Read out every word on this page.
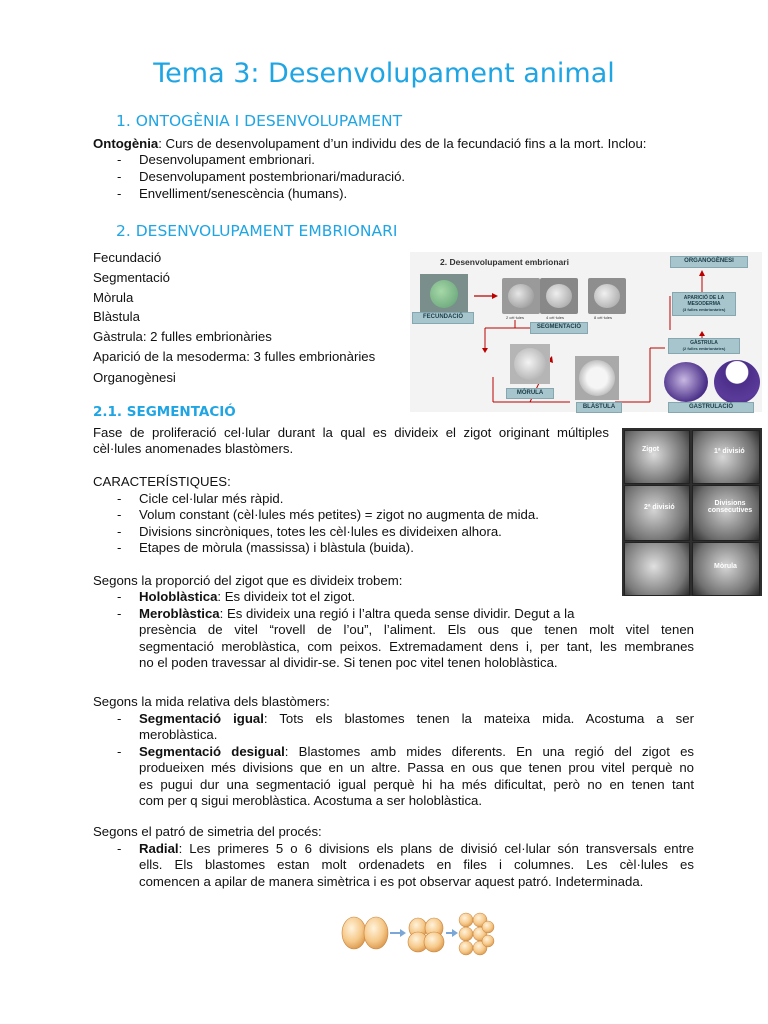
Tema 3: Desenvolupament animal
1. ONTOGÈNIA I DESENVOLUPAMENT
Ontogènia: Curs de desenvolupament d’un individu des de la fecundació fins a la mort. Inclou:
- Desenvolupament embrionari.
- Desenvolupament postembrionari/maduració.
- Envelliment/senescència (humans).
2. DESENVOLUPAMENT EMBRIONARI
Fecundació
Segmentació
Mòrula
Blàstula
Gàstrula: 2 fulles embrionàries
Aparició de la mesoderma: 3 fulles embrionàries
Organogènesi
2. Desenvolupament embrionari
FECUNDACIÓ	2 cèl·lules	4 cèl·lules	8 cèl·lules
SEGMENTACIÓ
MÒRULA
BLÀSTULA
ORGANOGÈNESI
APARICIÓ DE LA MESODERMA
(3 fulles embrionàries)
GÀSTRULA
(2 fulles embrionàries)
GASTRULACIÓ
2.1. SEGMENTACIÓ
Fase de proliferació cel·lular durant la qual es divideix el zigot originant múltiples
cèl·lules anomenades blastòmers.	Zigot	1ª divisió
2ª divisió
Divisions consecutives
Mòrula
CARACTERÍSTIQUES:
- Cicle cel·lular més ràpid.
- Volum constant (cèl·lules més petites) = zigot no augmenta de mida.
- Divisions sincròniques, totes les cèl·lules es divideixen alhora.
- Etapes de mòrula (massissa) i blàstula (buida).
Segons la proporció del zigot que es divideix trobem:
- Holoblàstica: Es divideix tot el zigot.
- Meroblàstica: Es divideix una regió i l’altra queda sense dividir. Degut a la
presència de vitel “rovell de l’ou”, l’aliment. Els ous que tenen molt vitel tenen
segmentació meroblàstica, com peixos. Extremadament dens i, per tant, les membranes
no el poden travessar al dividir-se. Si tenen poc vitel tenen holoblàstica.
Segons la mida relativa dels blastòmers:
- Segmentació igual: Tots els blastomes tenen la mateixa mida. Acostuma a ser
meroblàstica.
- Segmentació desigual: Blastomes amb mides diferents. En una regió del zigot es
produeixen més divisions que en un altre. Passa en ous que tenen prou vitel perquè no
es pugui dur una segmentació igual perquè hi ha més dificultat, però no en tenen tant
com per q sigui meroblàstica. Acostuma a ser holoblàstica.
Segons el patró de simetria del procés:
- Radial: Les primeres 5 o 6 divisions els plans de divisió cel·lular són transversals entre
ells. Els blastomes estan molt ordenadets en files i columnes. Les cèl·lules es
comencen a apilar de manera simètrica i es pot observar aquest patró. Indeterminada.
